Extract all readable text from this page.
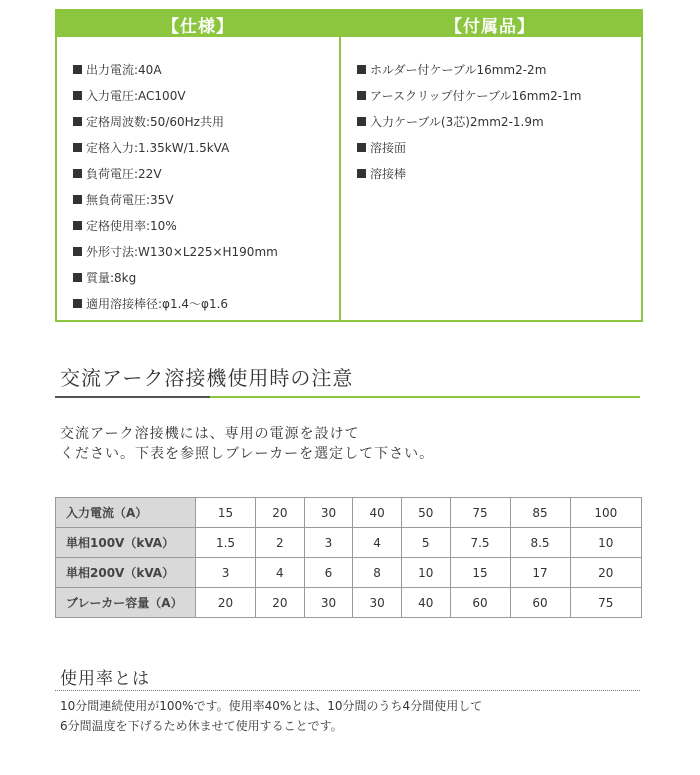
【仕様】	【付属品】
出力電流:40A
入力電圧:AC100V
定格周波数:50/60Hz共用
定格入力:1.35kW/1.5kVA
負荷電圧:22V
無負荷電圧:35V
定格使用率:10%
外形寸法:W130×L225×H190mm
質量:8kg
適用溶接棒径:φ1.4〜φ1.6
ホルダー付ケーブル16mm2-2m
アースクリップ付ケーブル16mm2-1m
入力ケーブル(3芯)2mm2-1.9m
溶接面
溶接棒
交流アーク溶接機使用時の注意
交流アーク溶接機には、専用の電源を設けて
ください。下表を参照しブレーカーを選定して下さい。
入力電流（A）	15	20	30	40	50	75	85	100
単相100V（kVA）	1.5	2	3	4	5	7.5	8.5	10
単相200V（kVA）	3	4	6	8	10	15	17	20
ブレーカー容量（A）	20	20	30	30	40	60	60	75
使用率とは
10分間連続使用が100%です。使用率40%とは、10分間のうち4分間使用して
6分間温度を下げるため休ませて使用することです。
